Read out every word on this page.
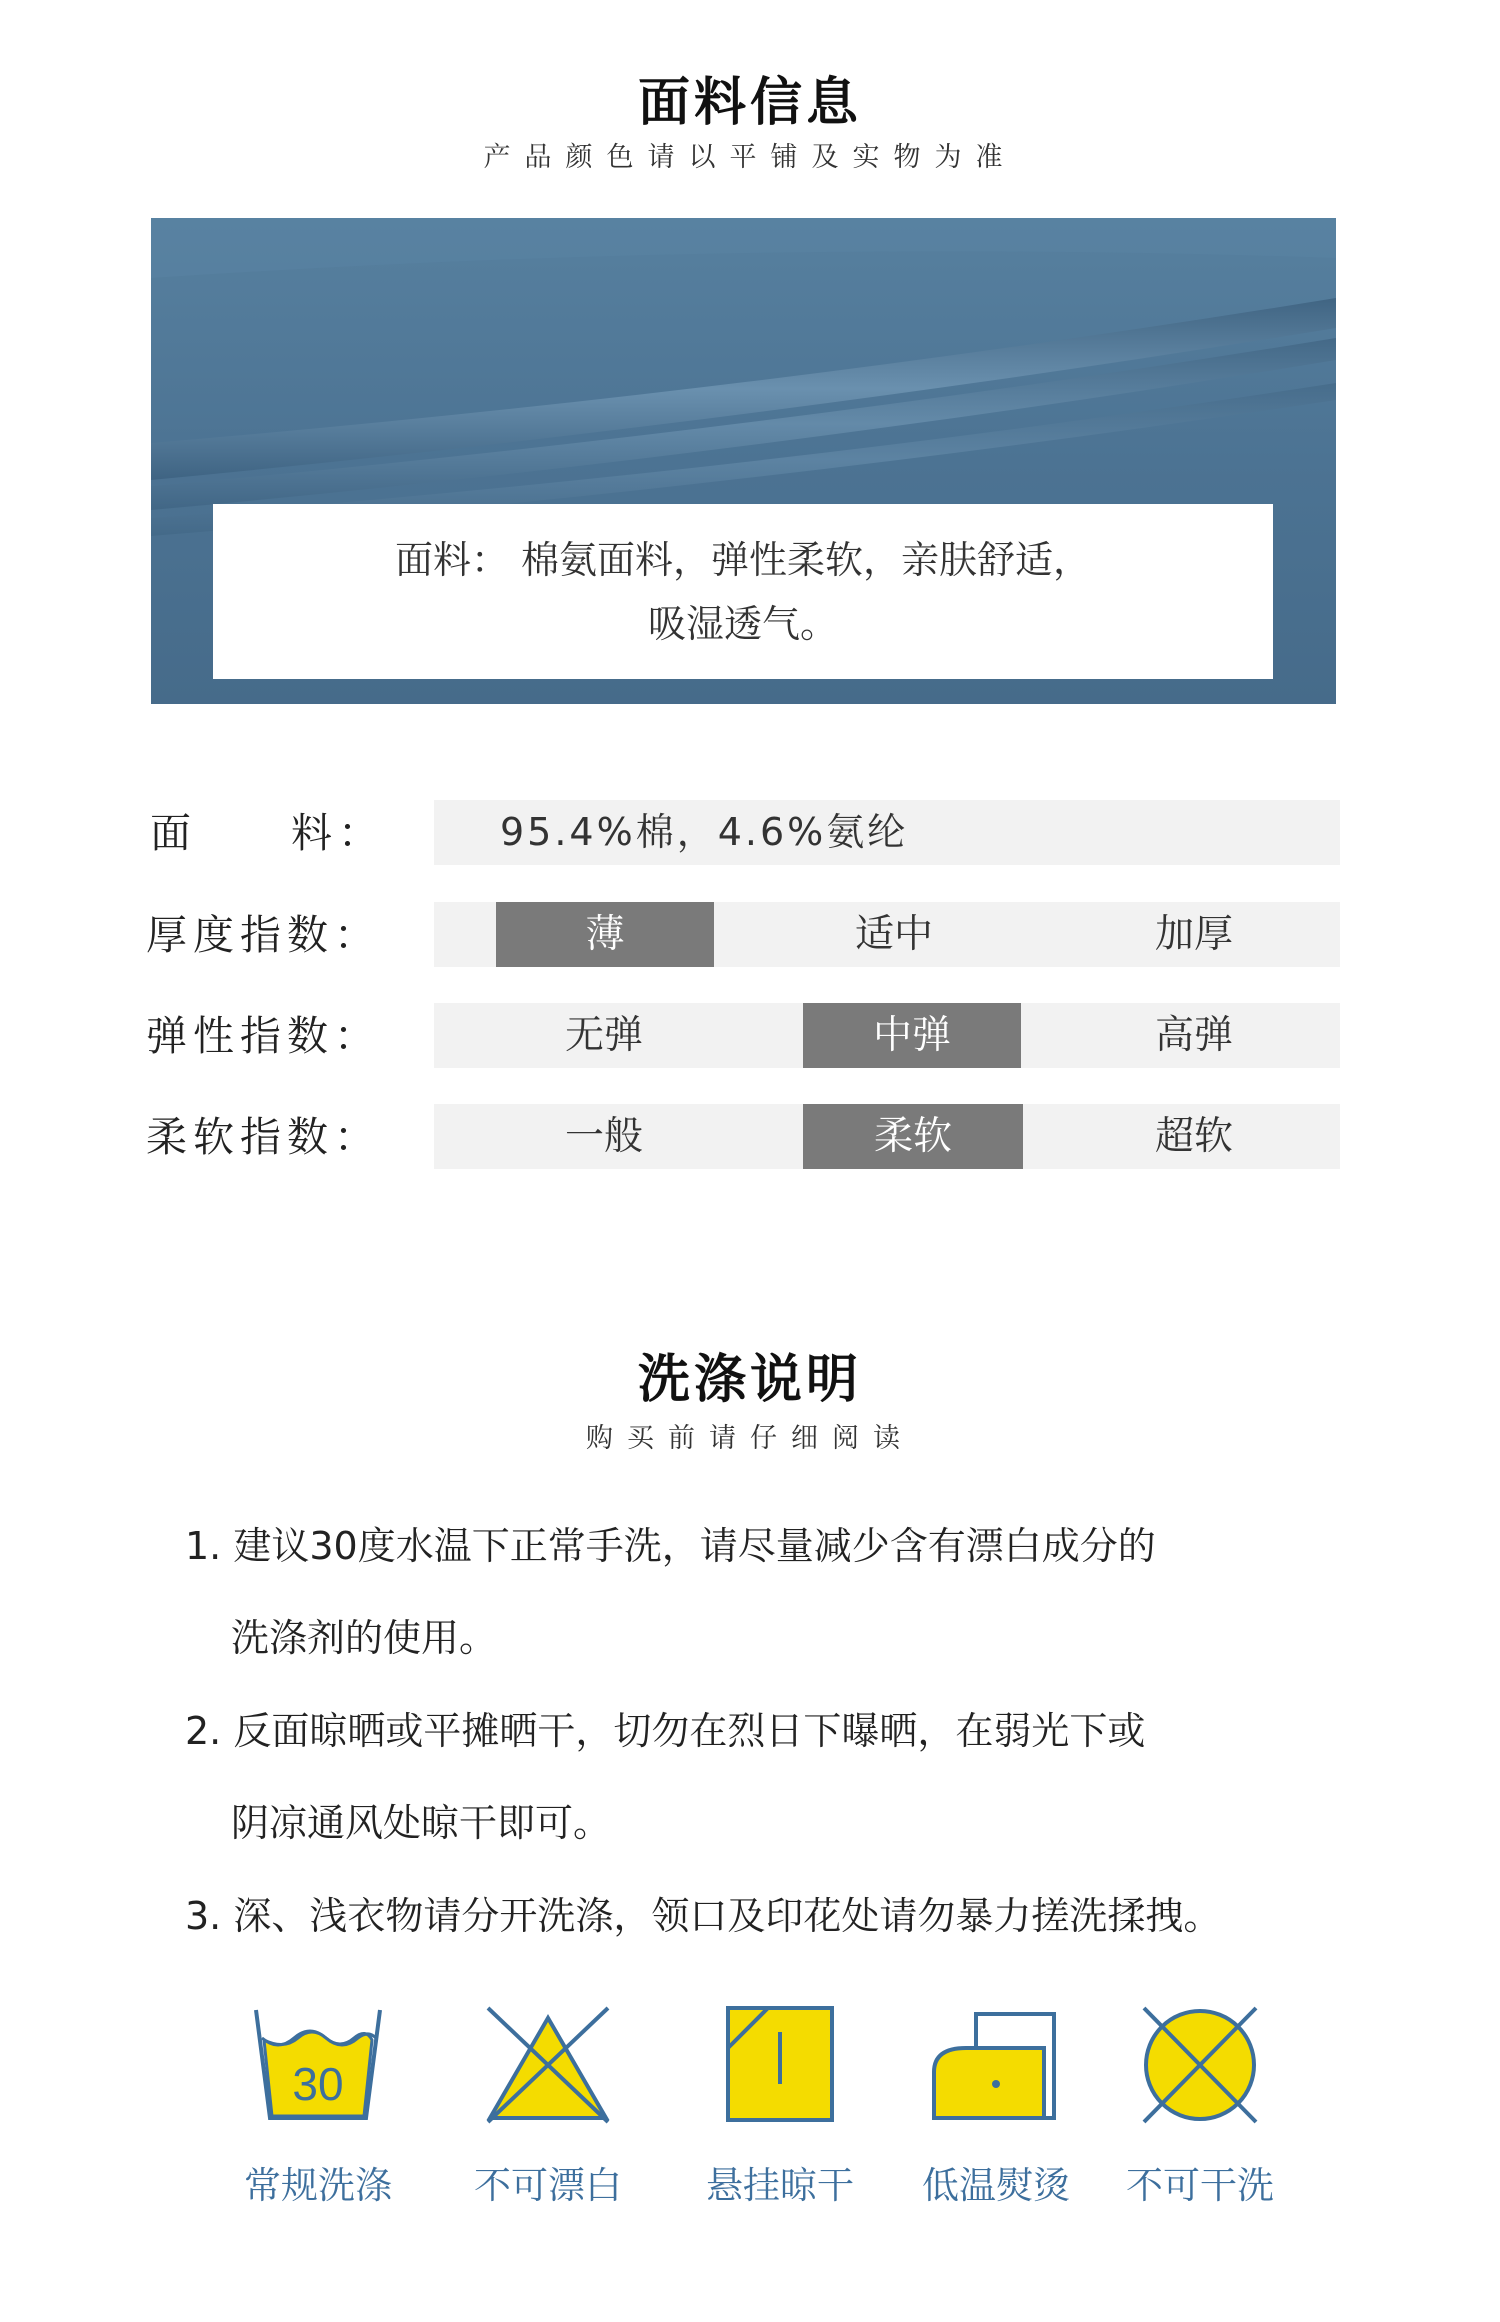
面料信息
产品颜色请以平铺及实物为准
面料： 棉氨面料，弹性柔软，亲肤舒适，
吸湿透气。
面　　料：	95.4%棉，4.6%氨纶
厚度指数：	薄	适中	加厚
弹性指数：	无弹	中弹	高弹
柔软指数：	一般	柔软	超软
洗涤说明
购买前请仔细阅读
1. 建议30度水温下正常手洗，请尽量减少含有漂白成分的
洗涤剂的使用。
2. 反面晾晒或平摊晒干，切勿在烈日下曝晒，在弱光下或
阴凉通风处晾干即可。
3. 深、浅衣物请分开洗涤，领口及印花处请勿暴力搓洗揉拽。
30
常规洗涤	不可漂白	悬挂晾干	低温熨烫	不可干洗
